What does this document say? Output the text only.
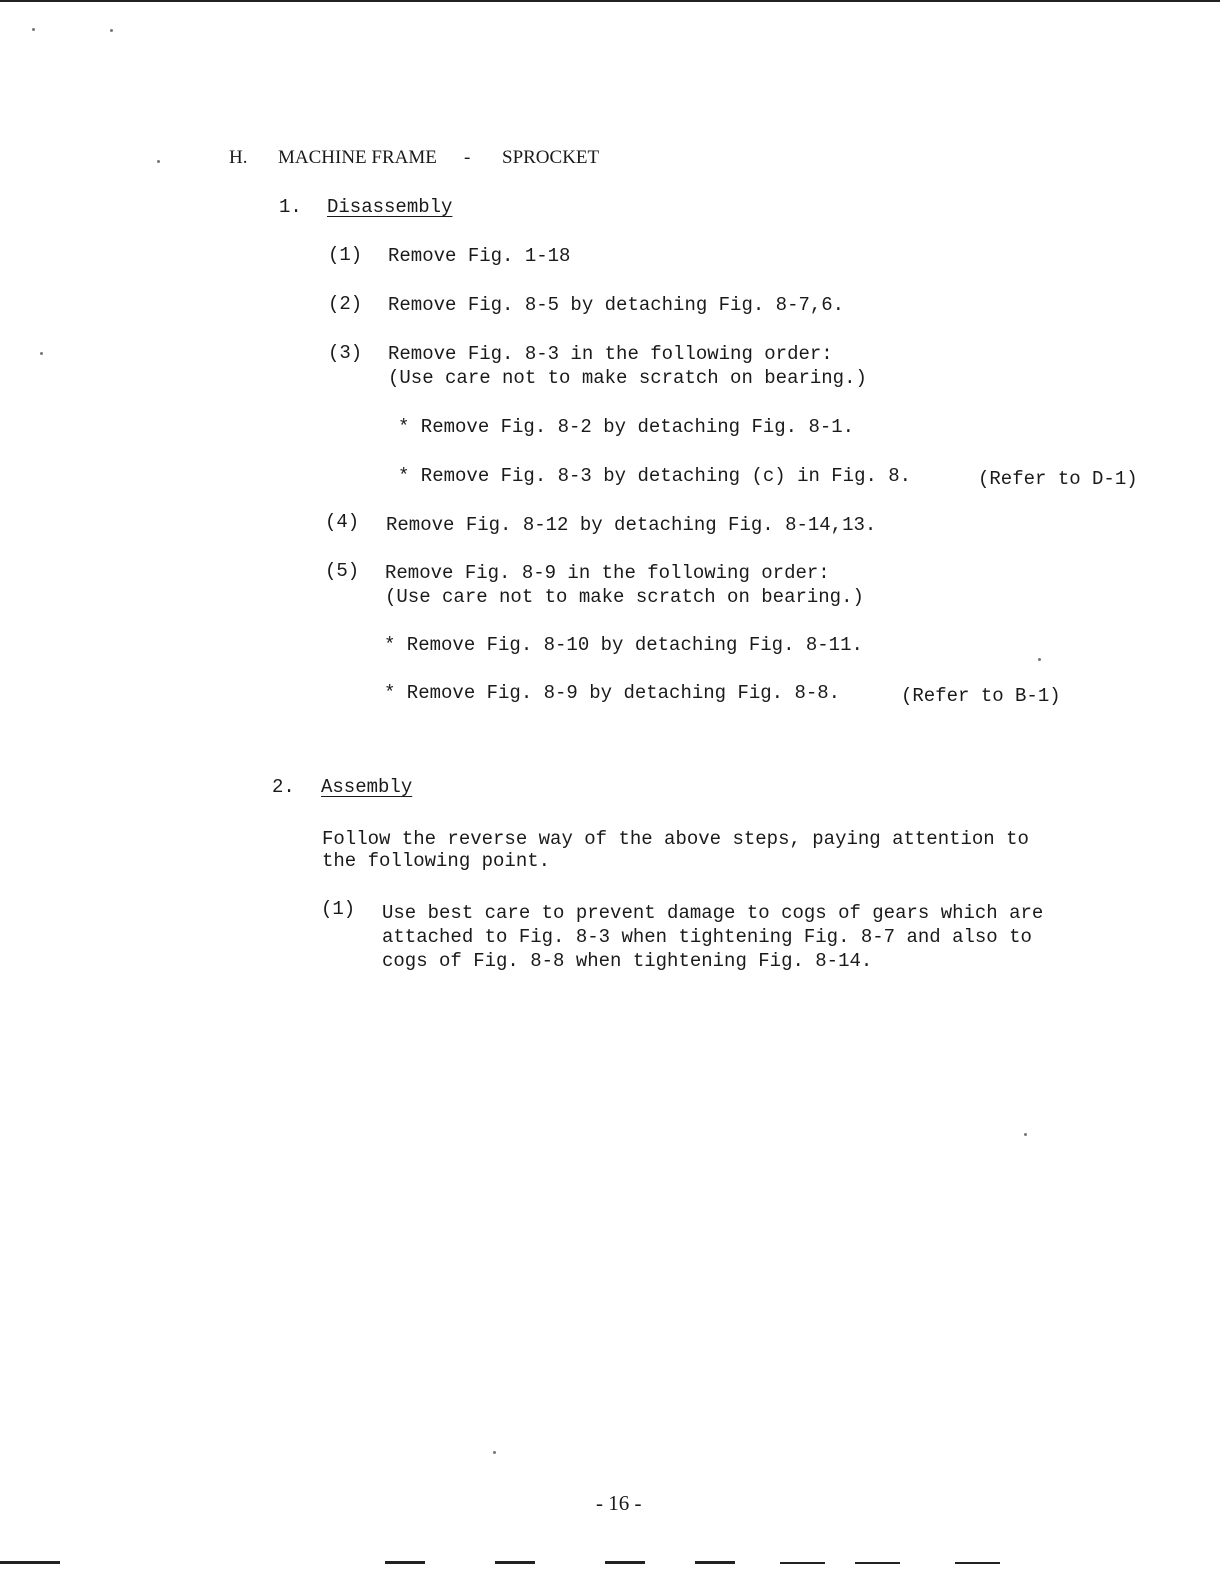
H. MACHINE FRAME - SPROCKET
1. Disassembly
(1) Remove Fig. 1-18
(2) Remove Fig. 8-5 by detaching Fig. 8-7,6.
(3) Remove Fig. 8-3 in the following order:
(Use care not to make scratch on bearing.)
* Remove Fig. 8-2 by detaching Fig. 8-1.
* Remove Fig. 8-3 by detaching (c) in Fig. 8.	(Refer to D-1)
(4) Remove Fig. 8-12 by detaching Fig. 8-14,13.
(5) Remove Fig. 8-9 in the following order:
(Use care not to make scratch on bearing.)
* Remove Fig. 8-10 by detaching Fig. 8-11.
* Remove Fig. 8-9 by detaching Fig. 8-8.	(Refer to B-1)
2. Assembly
Follow the reverse way of the above steps, paying attention to
the following point.
(1) Use best care to prevent damage to cogs of gears which are
attached to Fig. 8-3 when tightening Fig. 8-7 and also to
cogs of Fig. 8-8 when tightening Fig. 8-14.
- 16 -
